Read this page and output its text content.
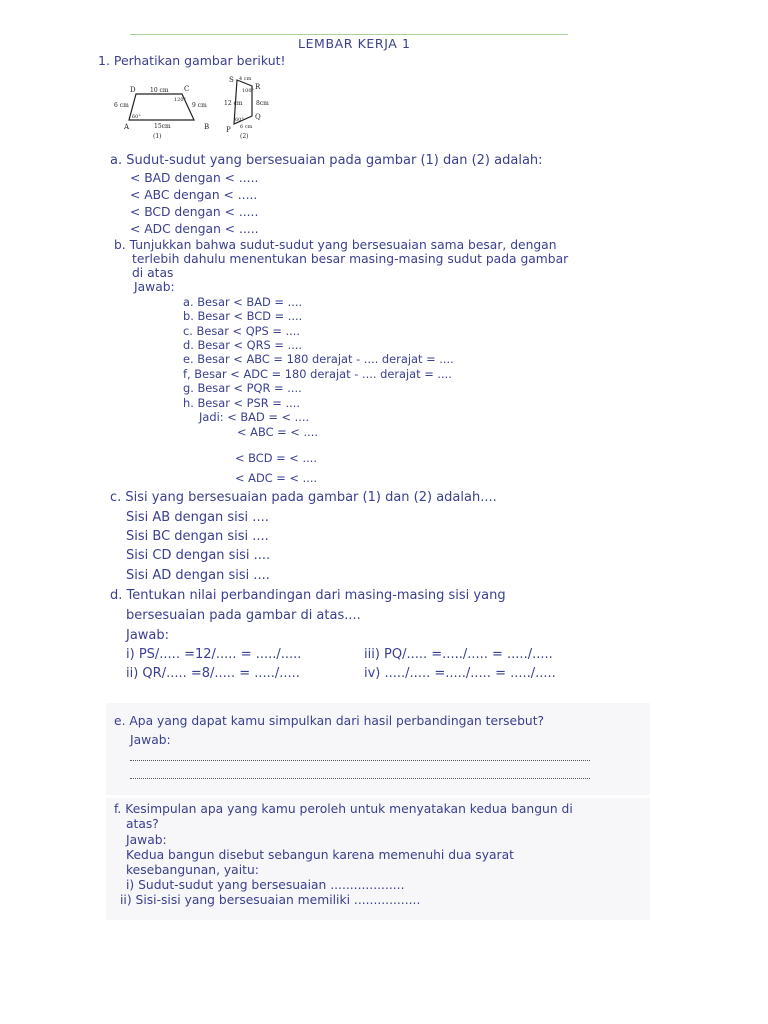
LEMBAR KERJA 1
1. Perhatikan gambar berikut!
D	C
A	B
10 cm
6 cm	9 cm
15cm
120°
60°
(1)
S
R
Q
P
4 cm
12 cm 8cm
6 cm
100°
60°
(2)
a. Sudut-sudut yang bersesuaian pada gambar (1) dan (2) adalah:
< BAD dengan < .....
< ABC dengan < .....
< BCD dengan < .....
< ADC dengan < .....
b. Tunjukkan bahwa sudut-sudut yang bersesuaian sama besar, dengan
terlebih dahulu menentukan besar masing-masing sudut pada gambar
di atas
Jawab:
a. Besar < BAD = ....
b. Besar < BCD = ....
c. Besar < QPS = ....
d. Besar < QRS = ....
e. Besar < ABC = 180 derajat - .... derajat = ....
f, Besar < ADC = 180 derajat - .... derajat = ....
g. Besar < PQR = ....
h. Besar < PSR = ....
Jadi: < BAD = < ....
< ABC = < ....
< BCD = < ....
< ADC = < ....
c. Sisi yang bersesuaian pada gambar (1) dan (2) adalah....
Sisi AB dengan sisi ....
Sisi BC dengan sisi ....
Sisi CD dengan sisi ....
Sisi AD dengan sisi ....
d. Tentukan nilai perbandingan dari masing-masing sisi yang
bersesuaian pada gambar di atas....
Jawab:
i) PS/..... =12/..... = ...../.....
ii) QR/..... =8/..... = ...../.....
iii) PQ/..... =...../..... = ...../.....
iv) ...../..... =...../..... = ...../.....
e. Apa yang dapat kamu simpulkan dari hasil perbandingan tersebut?
Jawab:
f. Kesimpulan apa yang kamu peroleh untuk menyatakan kedua bangun di
atas?
Jawab:
Kedua bangun disebut sebangun karena memenuhi dua syarat
kesebangunan, yaitu:
i) Sudut-sudut yang bersesuaian ...................
ii) Sisi-sisi yang bersesuaian memiliki .................
